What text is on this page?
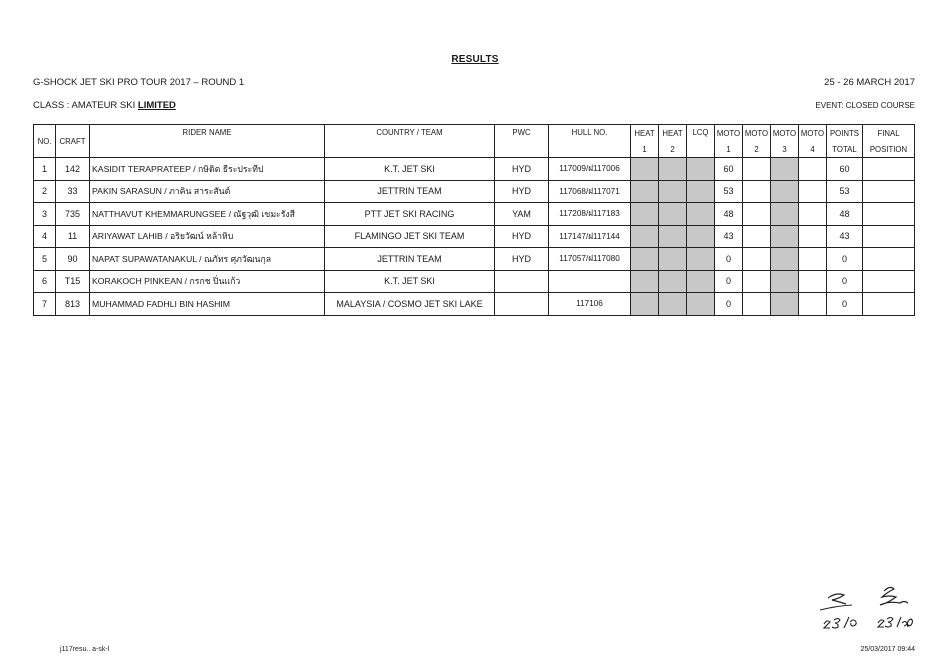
RESULTS
G-SHOCK JET SKI PRO TOUR 2017 – ROUND 1	25 - 26 MARCH 2017
CLASS : AMATEUR SKI LIMITED	EVENT: CLOSED COURSE
NO.	CRAFT	RIDER NAME	COUNTRY / TEAM	PWC	HULL NO.	HEAT	HEAT	LCQ	MOTO	MOTO	MOTO	MOTO	POINTS	FINAL
						1	2		1	2	3	4	TOTAL	POSITION
1	142	KASIDIT TERAPRATEEP / กษิดิต ธีระประทีป	K.T. JET SKI	HYD	117009/ฝ117006				60				60	
2	33	PAKIN SARASUN / ภาคิน สาระสันต์	JETTRIN TEAM	HYD	117068/ฝ117071				53				53	
3	735	NATTHAVUT KHEMMARUNGSEE / ณัฐวุฒิ เขมะรังสี	PTT JET SKI RACING	YAM	117208/ฝ117183				48				48	
4	11	ARIYAWAT LAHIB / อริยวัฒน์ หล้าหิบ	FLAMINGO JET SKI TEAM	HYD	117147/ฝ117144				43				43	
5	90	NAPAT SUPAWATANAKUL / ณภัทร ศุภวัฒนกุล	JETTRIN TEAM	HYD	117057/ฝ117080				0				0	
6	T15	KORAKOCH PINKEAN / กรกช ปิ่นแก้ว	K.T. JET SKI						0				0	
7	813	MUHAMMAD FADHLI BIN HASHIM	MALAYSIA / COSMO JET SKI LAKE		117106				0				0	
j117resu.. a-sk-l	25/03/2017 09:44
